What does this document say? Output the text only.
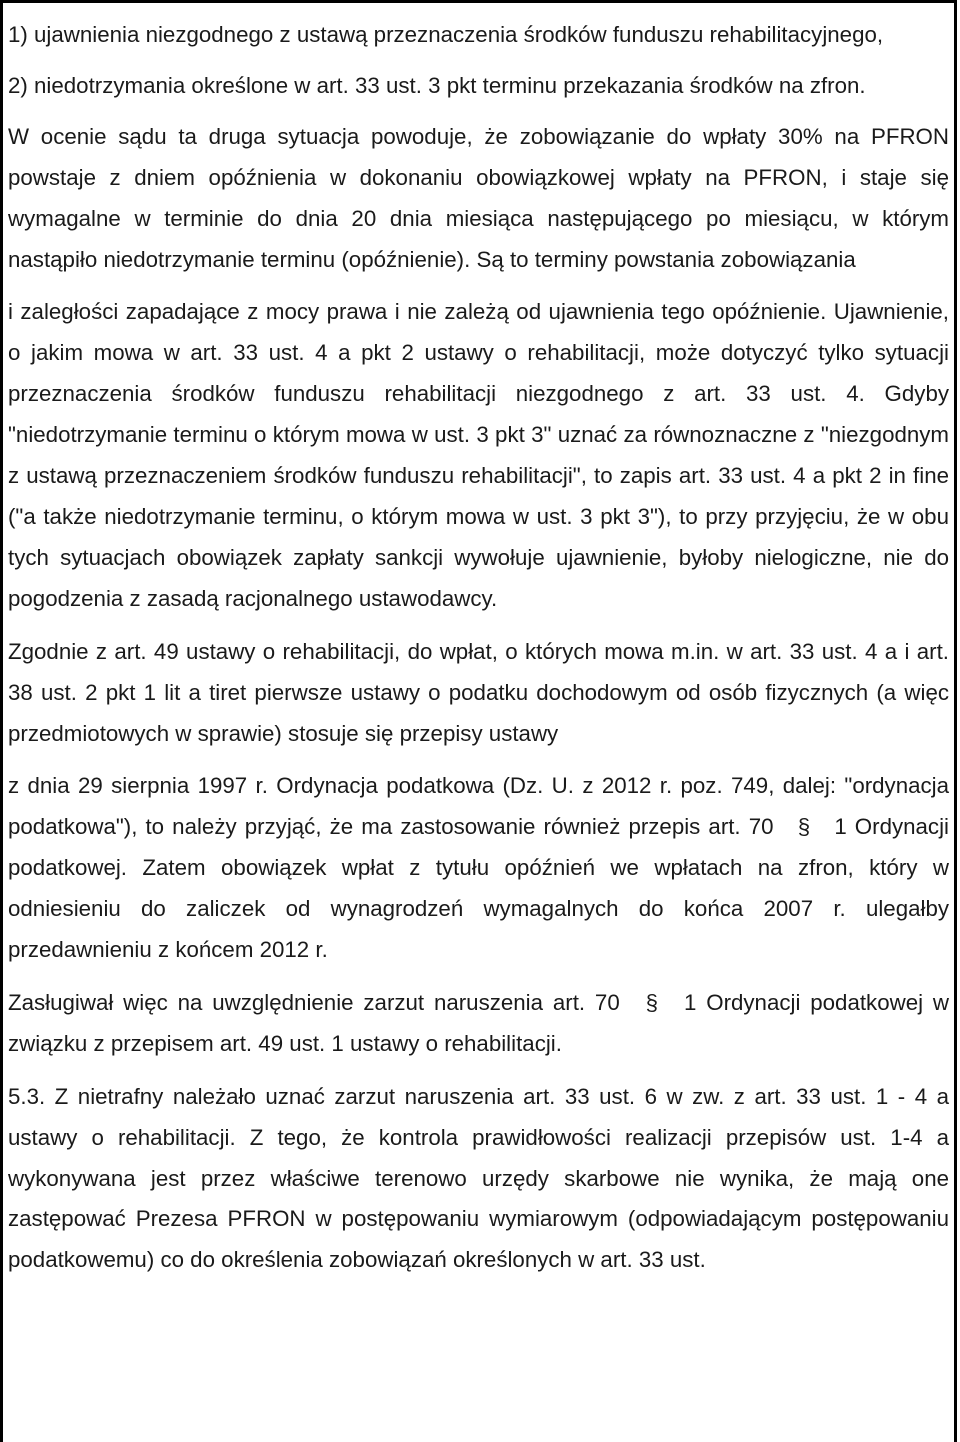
1) ujawnienia niezgodnego z ustawą przeznaczenia środków funduszu rehabilitacyjnego,

2) niedotrzymania określone w art. 33 ust. 3 pkt terminu przekazania środków na zfron.

W ocenie sądu ta druga sytuacja powoduje, że zobowiązanie do wpłaty 30% na PFRON powstaje z dniem opóźnienia w dokonaniu obowiązkowej wpłaty na PFRON, i staje się wymagalne w terminie do dnia 20 dnia miesiąca następującego po miesiącu, w którym nastąpiło niedotrzymanie terminu (opóźnienie). Są to terminy powstania zobowiązania

i zaległości zapadające z mocy prawa i nie zależą od ujawnienia tego opóźnienie. Ujawnienie, o jakim mowa w art. 33 ust. 4 a pkt 2 ustawy o rehabilitacji, może dotyczyć tylko sytuacji przeznaczenia środków funduszu rehabilitacji niezgodnego z art. 33 ust. 4. Gdyby "niedotrzymanie terminu o którym mowa w ust. 3 pkt 3" uznać za równoznaczne z "niezgodnym z ustawą przeznaczeniem środków funduszu rehabilitacji", to zapis art. 33 ust. 4 a pkt 2 in fine ("a także niedotrzymanie terminu, o którym mowa w ust. 3 pkt 3"), to przy przyjęciu, że w obu tych sytuacjach obowiązek zapłaty sankcji wywołuje ujawnienie, byłoby nielogiczne, nie do pogodzenia z zasadą racjonalnego ustawodawcy.

Zgodnie z art. 49 ustawy o rehabilitacji, do wpłat, o których mowa m.in. w art. 33 ust. 4 a i art. 38 ust. 2 pkt 1 lit a tiret pierwsze ustawy o podatku dochodowym od osób fizycznych (a więc przedmiotowych w sprawie) stosuje się przepisy ustawy

z dnia 29 sierpnia 1997 r. Ordynacja podatkowa (Dz. U. z 2012 r. poz. 749, dalej: "ordynacja podatkowa"), to należy przyjąć, że ma zastosowanie również przepis art. 70 § 1 Ordynacji podatkowej. Zatem obowiązek wpłat z tytułu opóźnień we wpłatach na zfron, który w odniesieniu do zaliczek od wynagrodzeń wymagalnych do końca 2007 r. ulegałby przedawnieniu z końcem 2012 r.

Zasługiwał więc na uwzględnienie zarzut naruszenia art. 70 § 1 Ordynacji podatkowej w związku z przepisem art. 49 ust. 1 ustawy o rehabilitacji.

5.3. Z nietrafny należało uznać zarzut naruszenia art. 33 ust. 6 w zw. z art. 33 ust. 1 - 4 a ustawy o rehabilitacji. Z tego, że kontrola prawidłowości realizacji przepisów ust. 1-4 a wykonywana jest przez właściwe terenowo urzędy skarbowe nie wynika, że mają one zastępować Prezesa PFRON w postępowaniu wymiarowym (odpowiadającym postępowaniu podatkowemu) co do określenia zobowiązań określonych w art. 33 ust.
